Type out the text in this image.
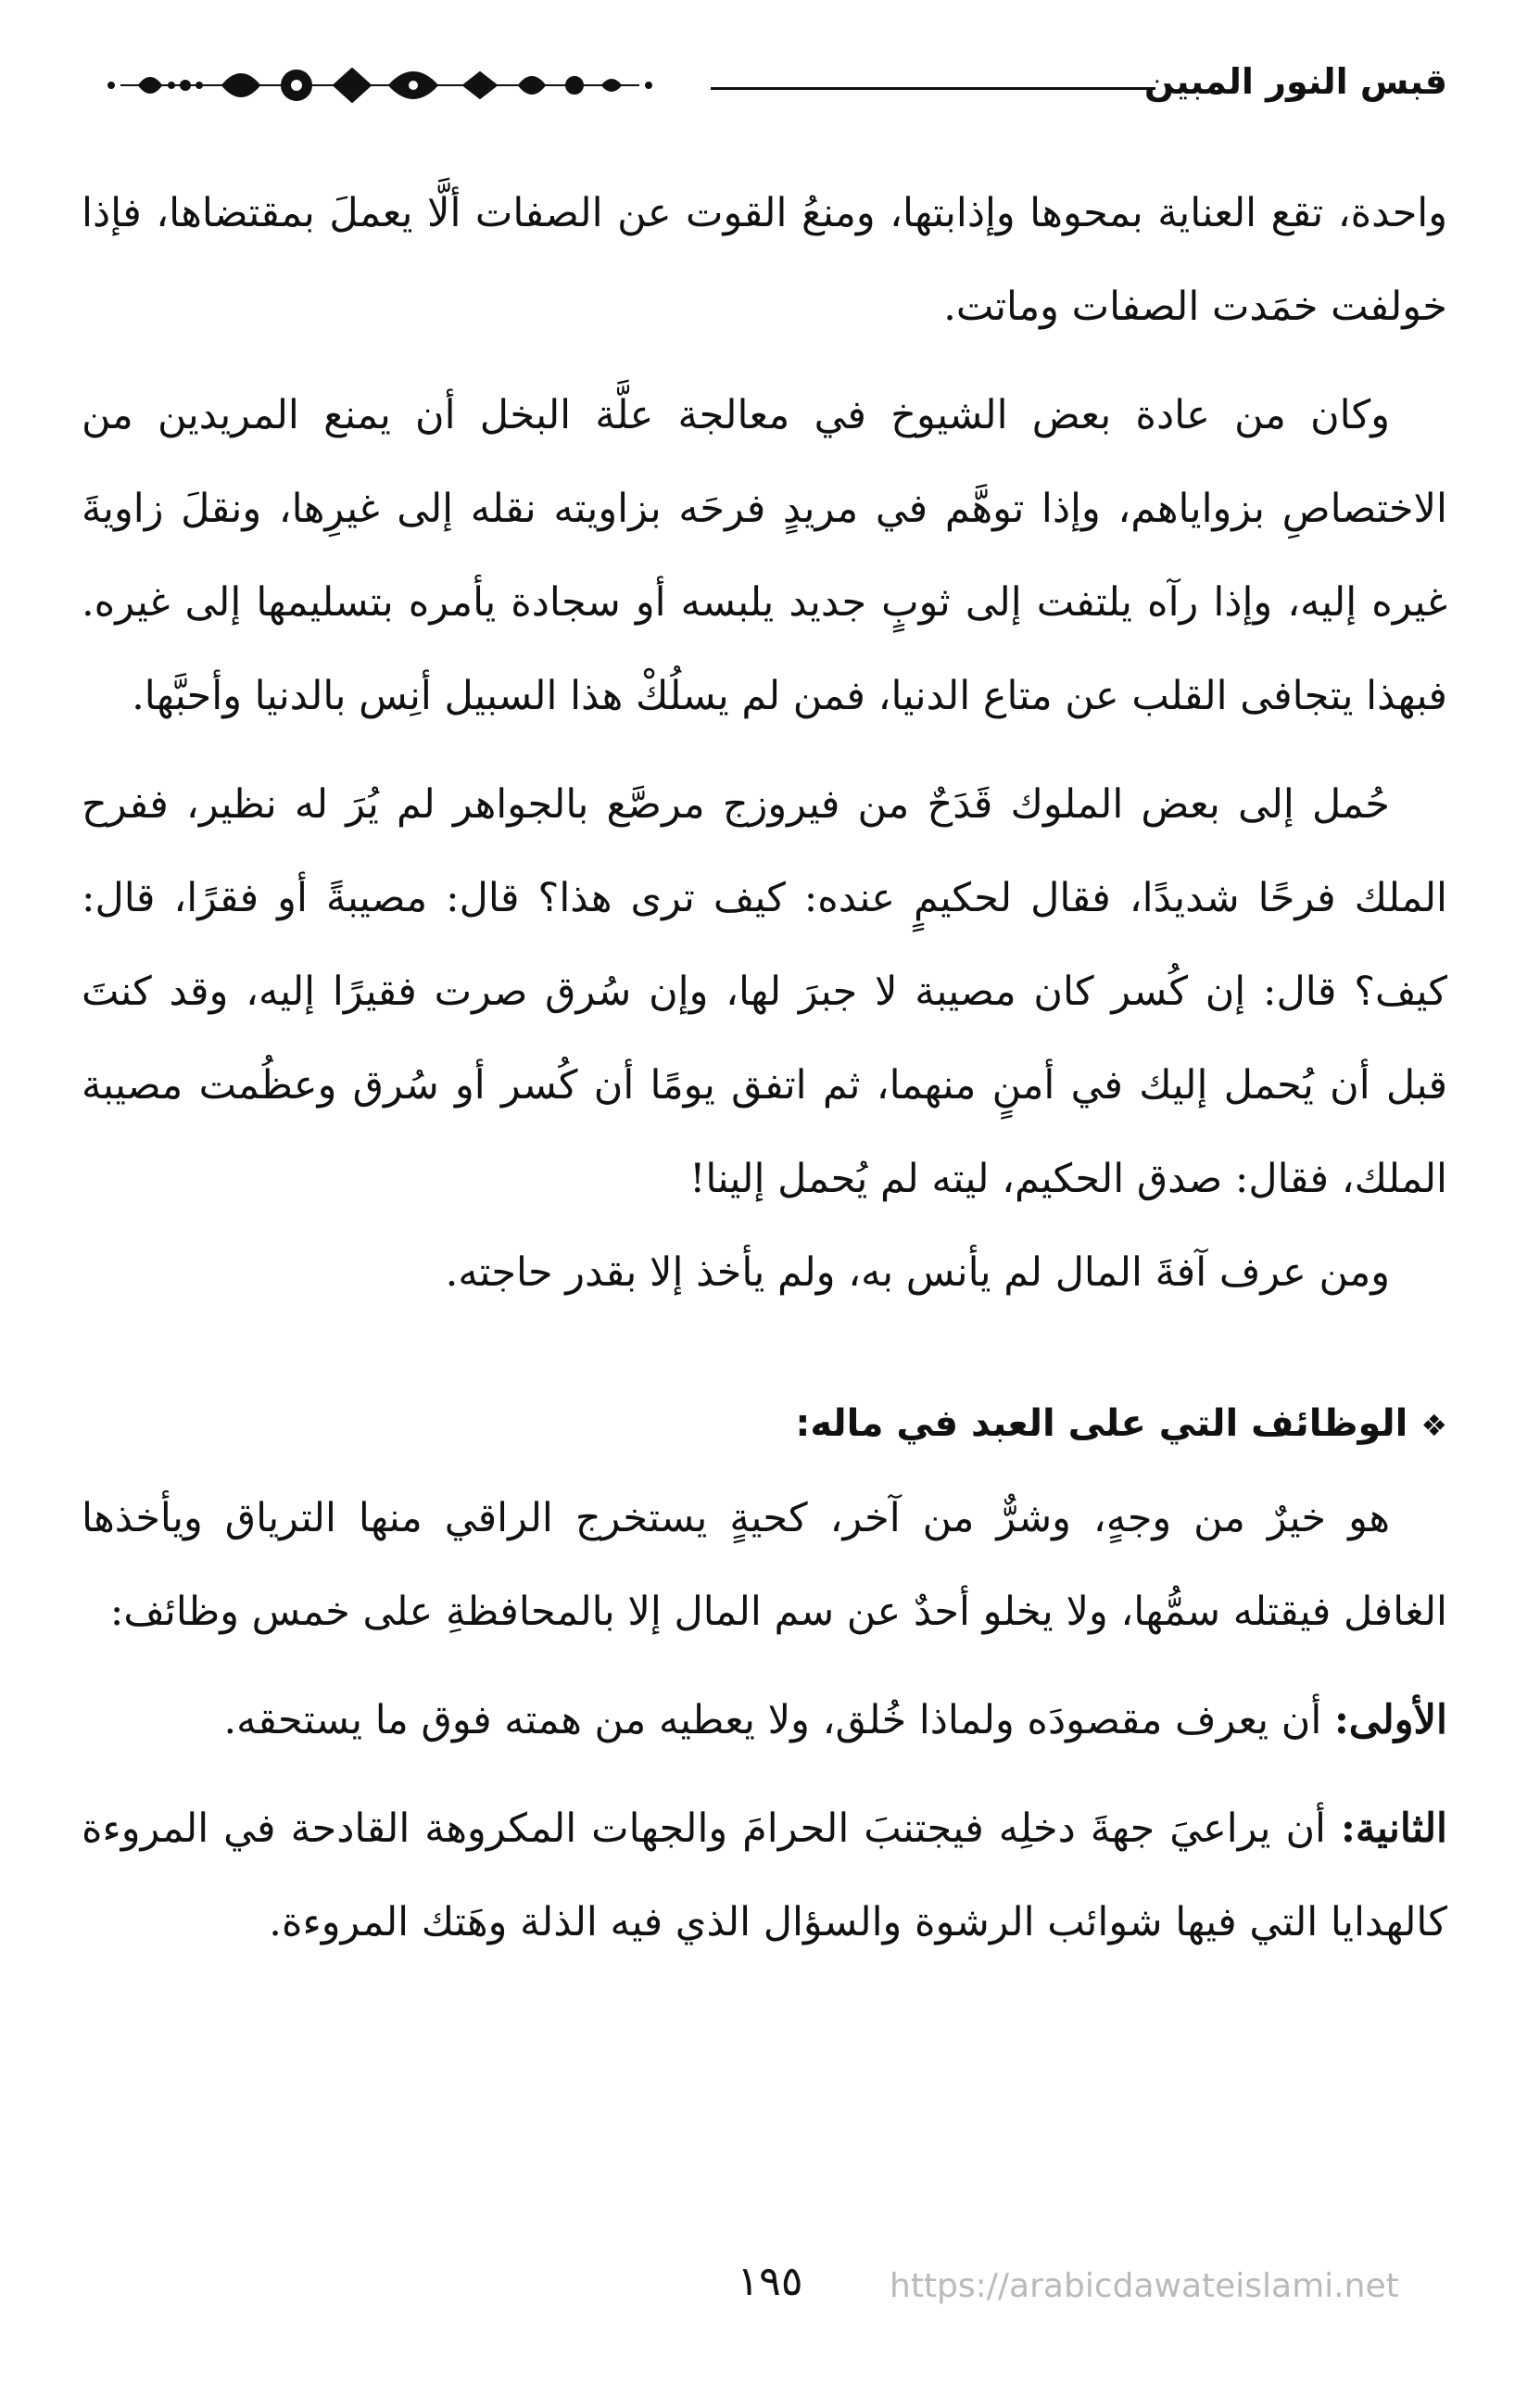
قبس النور المبين

واحدة، تقع العناية بمحوها وإذابتها، ومنعُ القوت عن الصفات ألَّا يعملَ بمقتضاها، فإذا خولفت خمَدت الصفات وماتت.

وكان من عادة بعض الشيوخ في معالجة علَّة البخل أن يمنع المريدين من الاختصاصِ بزواياهم، وإذا توهَّم في مريدٍ فرحَه بزاويته نقله إلى غيرِها، ونقلَ زاويةَ غيره إليه، وإذا رآه يلتفت إلى ثوبٍ جديد يلبسه أو سجادة يأمره بتسليمها إلى غيره. فبهذا يتجافى القلب عن متاع الدنيا، فمن لم يسلُكْ هذا السبيل أنِس بالدنيا وأحبَّها.

حُمل إلى بعض الملوك قَدَحٌ من فيروزج مرصَّع بالجواهر لم يُرَ له نظير، ففرح الملك فرحًا شديدًا، فقال لحكيمٍ عنده: كيف ترى هذا؟ قال: مصيبةً أو فقرًا، قال: كيف؟ قال: إن كُسر كان مصيبة لا جبرَ لها، وإن سُرق صرت فقيرًا إليه، وقد كنتَ قبل أن يُحمل إليك في أمنٍ منهما، ثم اتفق يومًا أن كُسر أو سُرق وعظُمت مصيبة الملك، فقال: صدق الحكيم، ليته لم يُحمل إلينا!

ومن عرف آفةَ المال لم يأنس به، ولم يأخذ إلا بقدر حاجته.

❖الوظائف التي على العبد في ماله:

هو خيرٌ من وجهٍ، وشرٌّ من آخر، كحيةٍ يستخرج الراقي منها الترياق ويأخذها الغافل فيقتله سمُّها، ولا يخلو أحدٌ عن سم المال إلا بالمحافظةِ على خمس وظائف:

الأولى: أن يعرف مقصودَه ولماذا خُلق، ولا يعطيه من همته فوق ما يستحقه.

الثانية: أن يراعيَ جهةَ دخلِه فيجتنبَ الحرامَ والجهات المكروهة القادحة في المروءة كالهدايا التي فيها شوائب الرشوة والسؤال الذي فيه الذلة وهَتك المروءة.

١٩٥	https://arabicdawateislami.net
